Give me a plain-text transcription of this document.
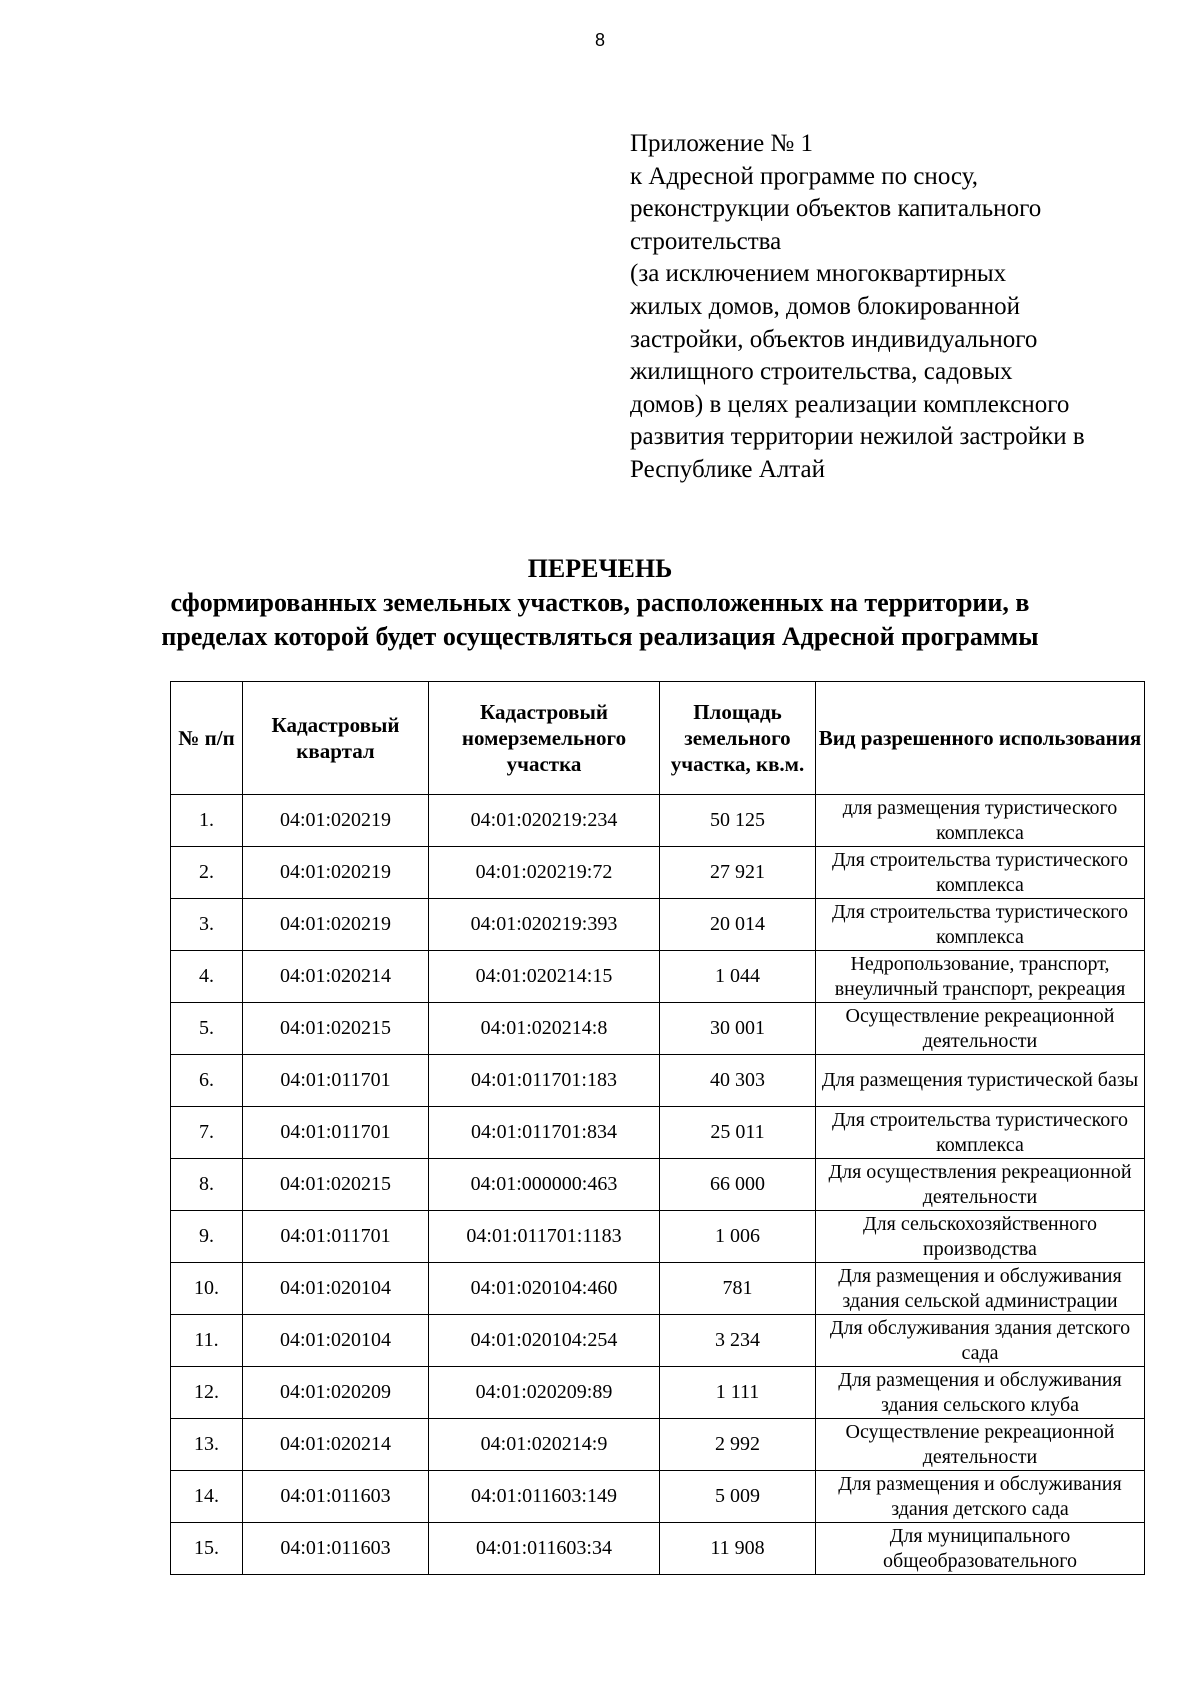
8
Приложение № 1
к Адресной программе по сносу,
реконструкции объектов капитального
строительства
(за исключением многоквартирных
жилых домов, домов блокированной
застройки, объектов индивидуального
жилищного строительства, садовых
домов) в целях реализации комплексного
развития территории нежилой застройки в
Республике Алтай
ПЕРЕЧЕНЬ
сформированных земельных участков, расположенных на территории, в
пределах которой будет осуществляться реализация Адресной программы
№ п/п	Кадастровый квартал	Кадастровый номерземельного участка	Площадь земельного участка, кв.м.	Вид разрешенного использования
1.	04:01:020219	04:01:020219:234	50 125	для размещения туристического комплекса
2.	04:01:020219	04:01:020219:72	27 921	Для строительства туристического комплекса
3.	04:01:020219	04:01:020219:393	20 014	Для строительства туристического комплекса
4.	04:01:020214	04:01:020214:15	1 044	Недропользование, транспорт, внеуличный транспорт, рекреация
5.	04:01:020215	04:01:020214:8	30 001	Осуществление рекреационной деятельности
6.	04:01:011701	04:01:011701:183	40 303	Для размещения туристической базы
7.	04:01:011701	04:01:011701:834	25 011	Для строительства туристического комплекса
8.	04:01:020215	04:01:000000:463	66 000	Для осуществления рекреационной деятельности
9.	04:01:011701	04:01:011701:1183	1 006	Для сельскохозяйственного производства
10.	04:01:020104	04:01:020104:460	781	Для размещения и обслуживания здания сельской администрации
11.	04:01:020104	04:01:020104:254	3 234	Для обслуживания здания детского сада
12.	04:01:020209	04:01:020209:89	1 111	Для размещения и обслуживания здания сельского клуба
13.	04:01:020214	04:01:020214:9	2 992	Осуществление рекреационной деятельности
14.	04:01:011603	04:01:011603:149	5 009	Для размещения и обслуживания здания детского сада
15.	04:01:011603	04:01:011603:34	11 908	Для муниципального общеобразовательного
